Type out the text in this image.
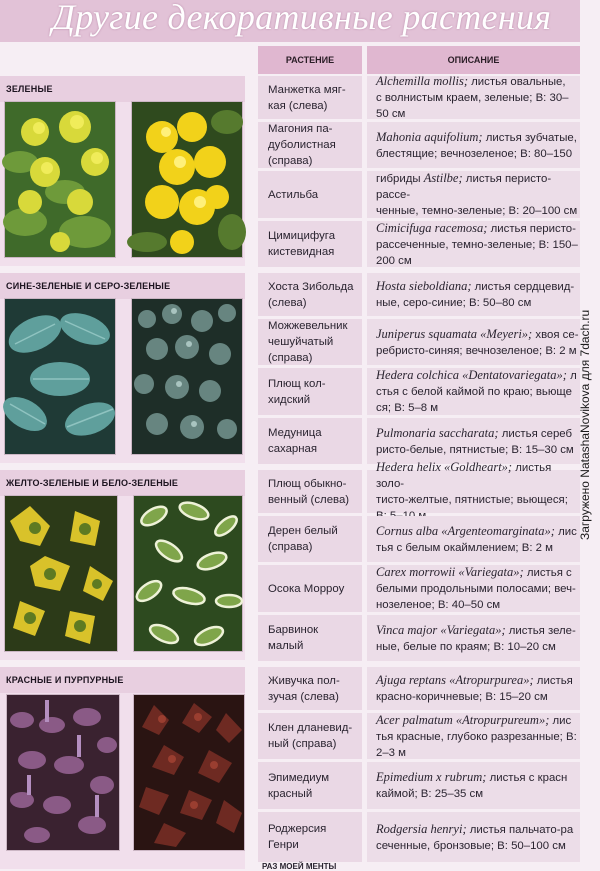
Другие декоративные растения
РАСТЕНИЕ	ОПИСАНИЕ
ЗЕЛЕНЫЕ
СИНЕ-ЗЕЛЕНЫЕ И СЕРО-ЗЕЛЕНЫЕ
ЖЕЛТО-ЗЕЛЕНЫЕ И БЕЛО-ЗЕЛЕНЫЕ
КРАСНЫЕ И ПУРПУРНЫЕ
Манжетка мяг-
кая (слева)
Alchemilla mollis; листья овальные,
с волнистым краем, зеленые; В: 30–
50 см
Магония па-
дуболистная
(справа)
Mahonia aquifolium; листья зубчатые,
блестящие; вечнозеленое; В: 80–150
Астильба
гибриды Astilbe; листья перисто-рассе-
ченные, темно-зеленые; В: 20–100 см
Цимицифуга
кистевидная
Cimicifuga racemosa; листья перисто-
рассеченные, темно-зеленые; В: 150–
200 см
Хоста Зибольда
(слева)
Hosta sieboldiana; листья сердцевид-
ные, серо-синие; В: 50–80 см
Можжевельник
чешуйчатый
(справа)
Juniperus squamata «Meyeri»; хвоя се-
ребристо-синяя; вечнозеленое; В: 2 м
Плющ кол-
хидский
Hedera colchica «Dentatovariegata»; л
стья с белой каймой по краю; вьюще
ся; В: 5–8 м
Медуница
сахарная
Pulmonaria saccharata; листья сереб
ристо-белые, пятнистые; В: 15–30 см
Плющ обыкно-
венный (слева)
Hedera helix «Goldheart»; листья золо-
тисто-желтые, пятнистые; вьющеся;

Дерен белый
(справа)
Cornus alba «Argenteomarginata»; лис
тья с белым окаймлением; В: 2 м
Осока Морроу
Carex morrowii «Variegata»; листья с
белыми продольными полосами; веч-
нозеленое; В: 40–50 см
Барвинок
малый
Vinca major «Variegata»; листья зеле-
ные, белые по краям; В: 10–20 см
Живучка пол-
зучая (слева)
Ajuga reptans «Atropurpurea»; листья
красно-коричневые; В: 15–20 см
Клен дланевид-
ный (справа)
Acer palmatum «Atropurpureum»; лис
тья красные, глубоко разрезанные; В:
2–3 м
Эпимедиум
красный
Epimedium x rubrum; листья с красн
каймой; В: 25–35 см
Роджерсия
Генри
Rodgersia henryi; листья пальчато-ра
сеченные, бронзовые; В: 50–100 см
РАЗ МОЕЙ МЕНТЫ
Загружено NatashaNovikova для 7dach.ru
